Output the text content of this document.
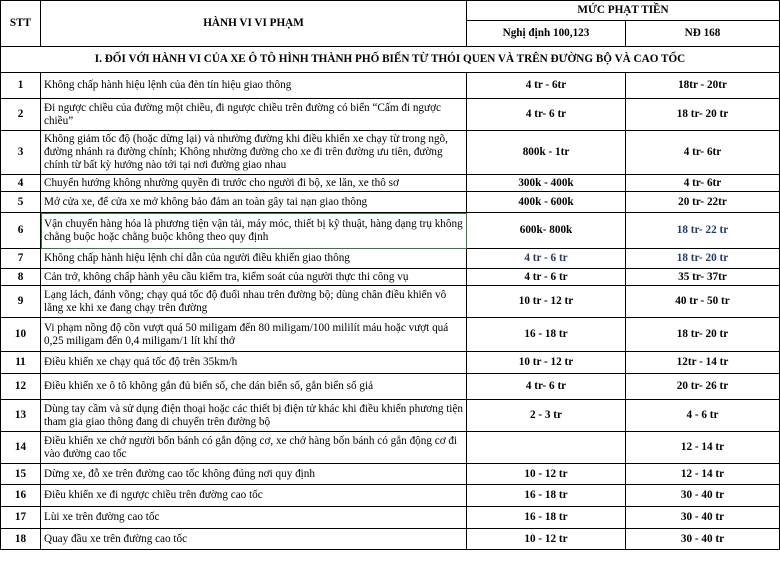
STT	HÀNH VI VI PHẠM	MỨC PHẠT TIỀN	
		Nghị định 100,123	NĐ 168
I. ĐỐI VỚI HÀNH VI CỦA XE Ô TÔ HÌNH THÀNH PHỐ BIẾN TỪ THÓI QUEN VÀ TRÊN ĐƯỜNG BỘ VÀ CAO TỐC			
1	Không chấp hành hiệu lệnh của đèn tín hiệu giao thông	4 tr - 6tr	18tr - 20tr
2	Đi ngược chiều của đường một chiều, đi ngược chiều trên đường có biển “Cấm đi ngược chiều”	4 tr- 6 tr	18 tr- 20 tr
3	Không giảm tốc độ (hoặc dừng lại) và nhường đường khi điều khiển xe chạy từ trong ngõ, đường nhánh ra đường chính; Không nhường đường cho xe đi trên đường ưu tiên, đường chính từ bất kỳ hướng nào tới tại nơi đường giao nhau	800k - 1tr	4 tr- 6tr
4	Chuyển hướng không nhường quyền đi trước cho người đi bộ, xe lăn, xe thô sơ	300k - 400k	4 tr- 6tr
5	Mở cửa xe, để cửa xe mở không bảo đảm an toàn gây tai nạn giao thông	400k - 600k	20 tr- 22tr
6	Vận chuyển hàng hóa là phương tiện vận tải, máy móc, thiết bị kỹ thuật, hàng dạng trụ không chằng buộc hoặc chằng buộc không theo quy định	600k- 800k	18 tr- 22 tr
7	Không chấp hành hiệu lệnh chỉ dẫn của người điều khiển giao thông	4 tr - 6 tr	18 tr- 20 tr
8	Cản trở, không chấp hành yêu cầu kiểm tra, kiểm soát của người thực thi công vụ	4 tr - 6 tr	35 tr- 37tr
9	Lạng lách, đánh võng; chạy quá tốc độ đuổi nhau trên đường bộ; dùng chân điều khiển vô lăng xe khi xe đang chạy trên đường	10 tr - 12 tr	40 tr - 50 tr
10	Vi phạm nồng độ cồn vượt quá 50 miligam đến 80 miligam/100 mililít máu hoặc vượt quá 0,25 miligam đến 0,4 miligam/1 lít khí thở	16 - 18 tr	18 tr- 20 tr
11	Điều khiển xe chạy quá tốc độ trên 35km/h	10 tr - 12 tr	12tr - 14 tr
12	Điều khiển xe ô tô không gắn đủ biển số, che dán biển số, gắn biển số giả	4 tr- 6 tr	20 tr- 26 tr
13	Dùng tay cầm và sử dụng điện thoại hoặc các thiết bị điện tử khác khi điều khiển phương tiện tham gia giao thông đang di chuyển trên đường bộ	2 - 3 tr	4 - 6 tr
14	Điều khiển xe chở người bốn bánh có gắn động cơ, xe chở hàng bốn bánh có gắn động cơ đi vào đường cao tốc		12 - 14 tr
15	Dừng xe, đỗ xe trên đường cao tốc không đúng nơi quy định	10 - 12 tr	12 - 14 tr
16	Điều khiển xe đi ngược chiều trên đường cao tốc	16 - 18 tr	30 - 40 tr
17	Lùi xe trên đường cao tốc	16 - 18 tr	30 - 40 tr
18	Quay đầu xe trên đường cao tốc	10 - 12 tr	30 - 40 tr
